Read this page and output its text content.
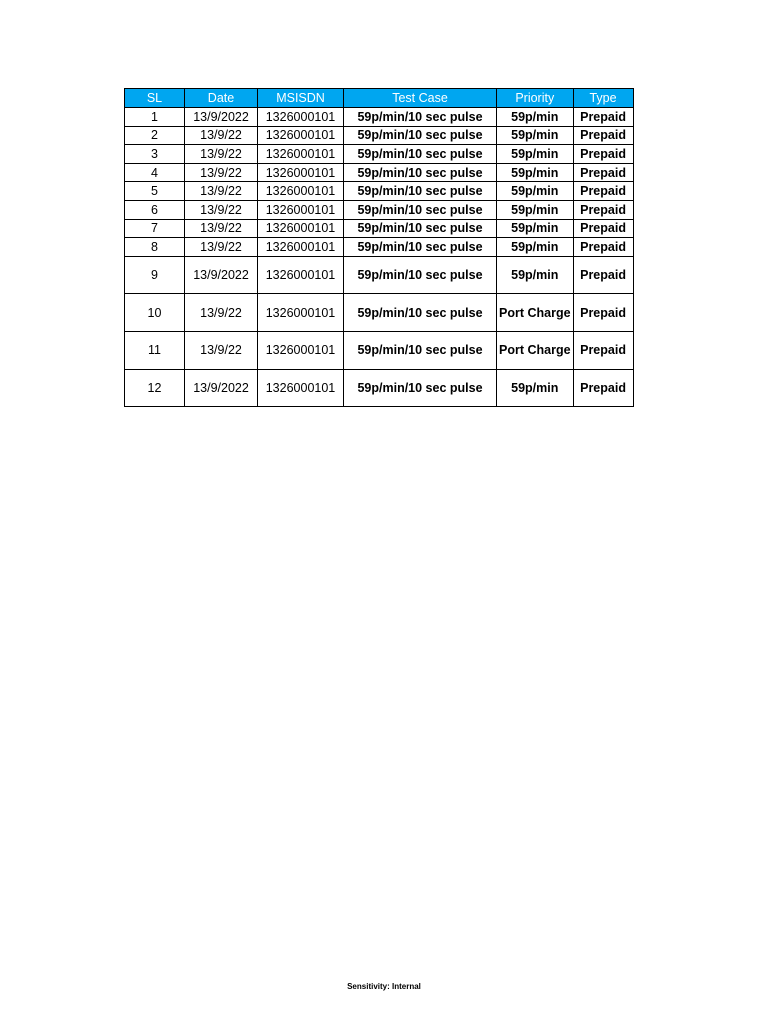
SL	Date	MSISDN	Test Case	Priority	Type
1	13/9/2022	1326000101	59p/min/10 sec pulse	59p/min	Prepaid
2	13/9/22	1326000101	59p/min/10 sec pulse	59p/min	Prepaid
3	13/9/22	1326000101	59p/min/10 sec pulse	59p/min	Prepaid
4	13/9/22	1326000101	59p/min/10 sec pulse	59p/min	Prepaid
5	13/9/22	1326000101	59p/min/10 sec pulse	59p/min	Prepaid
6	13/9/22	1326000101	59p/min/10 sec pulse	59p/min	Prepaid
7	13/9/22	1326000101	59p/min/10 sec pulse	59p/min	Prepaid
8	13/9/22	1326000101	59p/min/10 sec pulse	59p/min	Prepaid
9	13/9/2022	1326000101	59p/min/10 sec pulse	59p/min	Prepaid
10	13/9/22	1326000101	59p/min/10 sec pulse	Port Charge	Prepaid
11	13/9/22	1326000101	59p/min/10 sec pulse	Port Charge	Prepaid
12	13/9/2022	1326000101	59p/min/10 sec pulse	59p/min	Prepaid
Sensitivity: Internal
